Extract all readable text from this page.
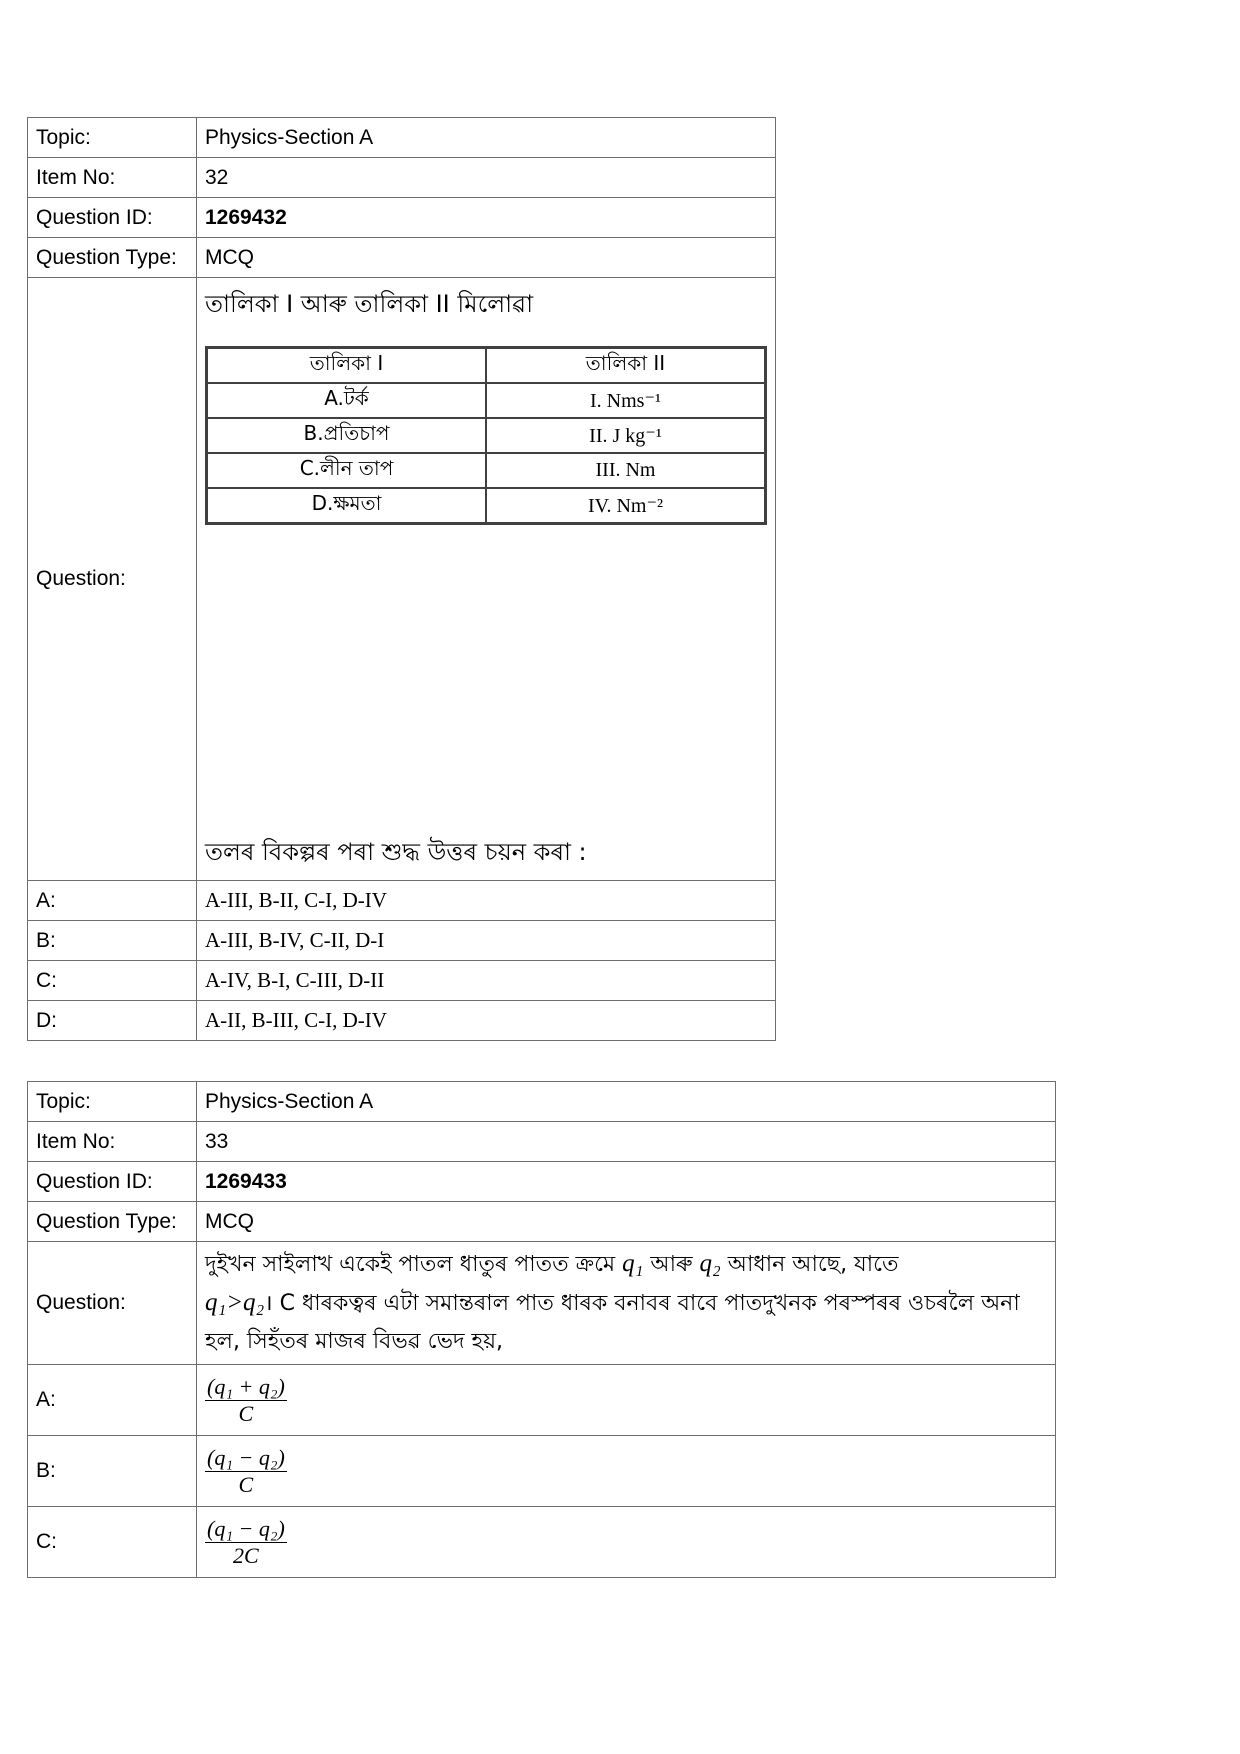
Topic:	Physics-Section A
Item No:	32
Question ID:	1269432
Question Type:	MCQ
Question:	
তালিকা I আৰু তালিকা II মিলোৱা
তালিকা I	তালিকা II
A.টৰ্ক	I. Nms⁻¹
B.প্ৰতিচাপ	II. J kg⁻¹
C.লীন তাপ	III. Nm
D.ক্ষমতা	IV. Nm⁻²
তলৰ বিকল্পৰ পৰা শুদ্ধ উত্তৰ চয়ন কৰা :

A:	A-III, B-II, C-I, D-IV
B:	A-III, B-IV, C-II, D-I
C:	A-IV, B-I, C-III, D-II
D:	A-II, B-III, C-I, D-IV
Topic:	Physics-Section A
Item No:	33
Question ID:	1269433
Question Type:	MCQ
Question:	দুইখন সাইলাখ একেই পাতল ধাতুৰ পাতত ক্ৰমে q₁ আৰু q₂ আধান আছে, যাতে
q₁>q₂। C ধাৰকত্বৰ এটা সমান্তৰাল পাত ধাৰক বনাবৰ বাবে পাতদুখনক পৰস্পৰৰ ওচৰলৈ অনা হল, সিহঁতৰ মাজৰ বিভৱ ভেদ হয়,

A:	$\frac{\text{(q₁ + q₂)}}{C}$

B:	$\frac{\text{(q₁ − q₂)}}{C}$

C:	$\frac{\text{(q₁ − q₂)}}{2C}$
